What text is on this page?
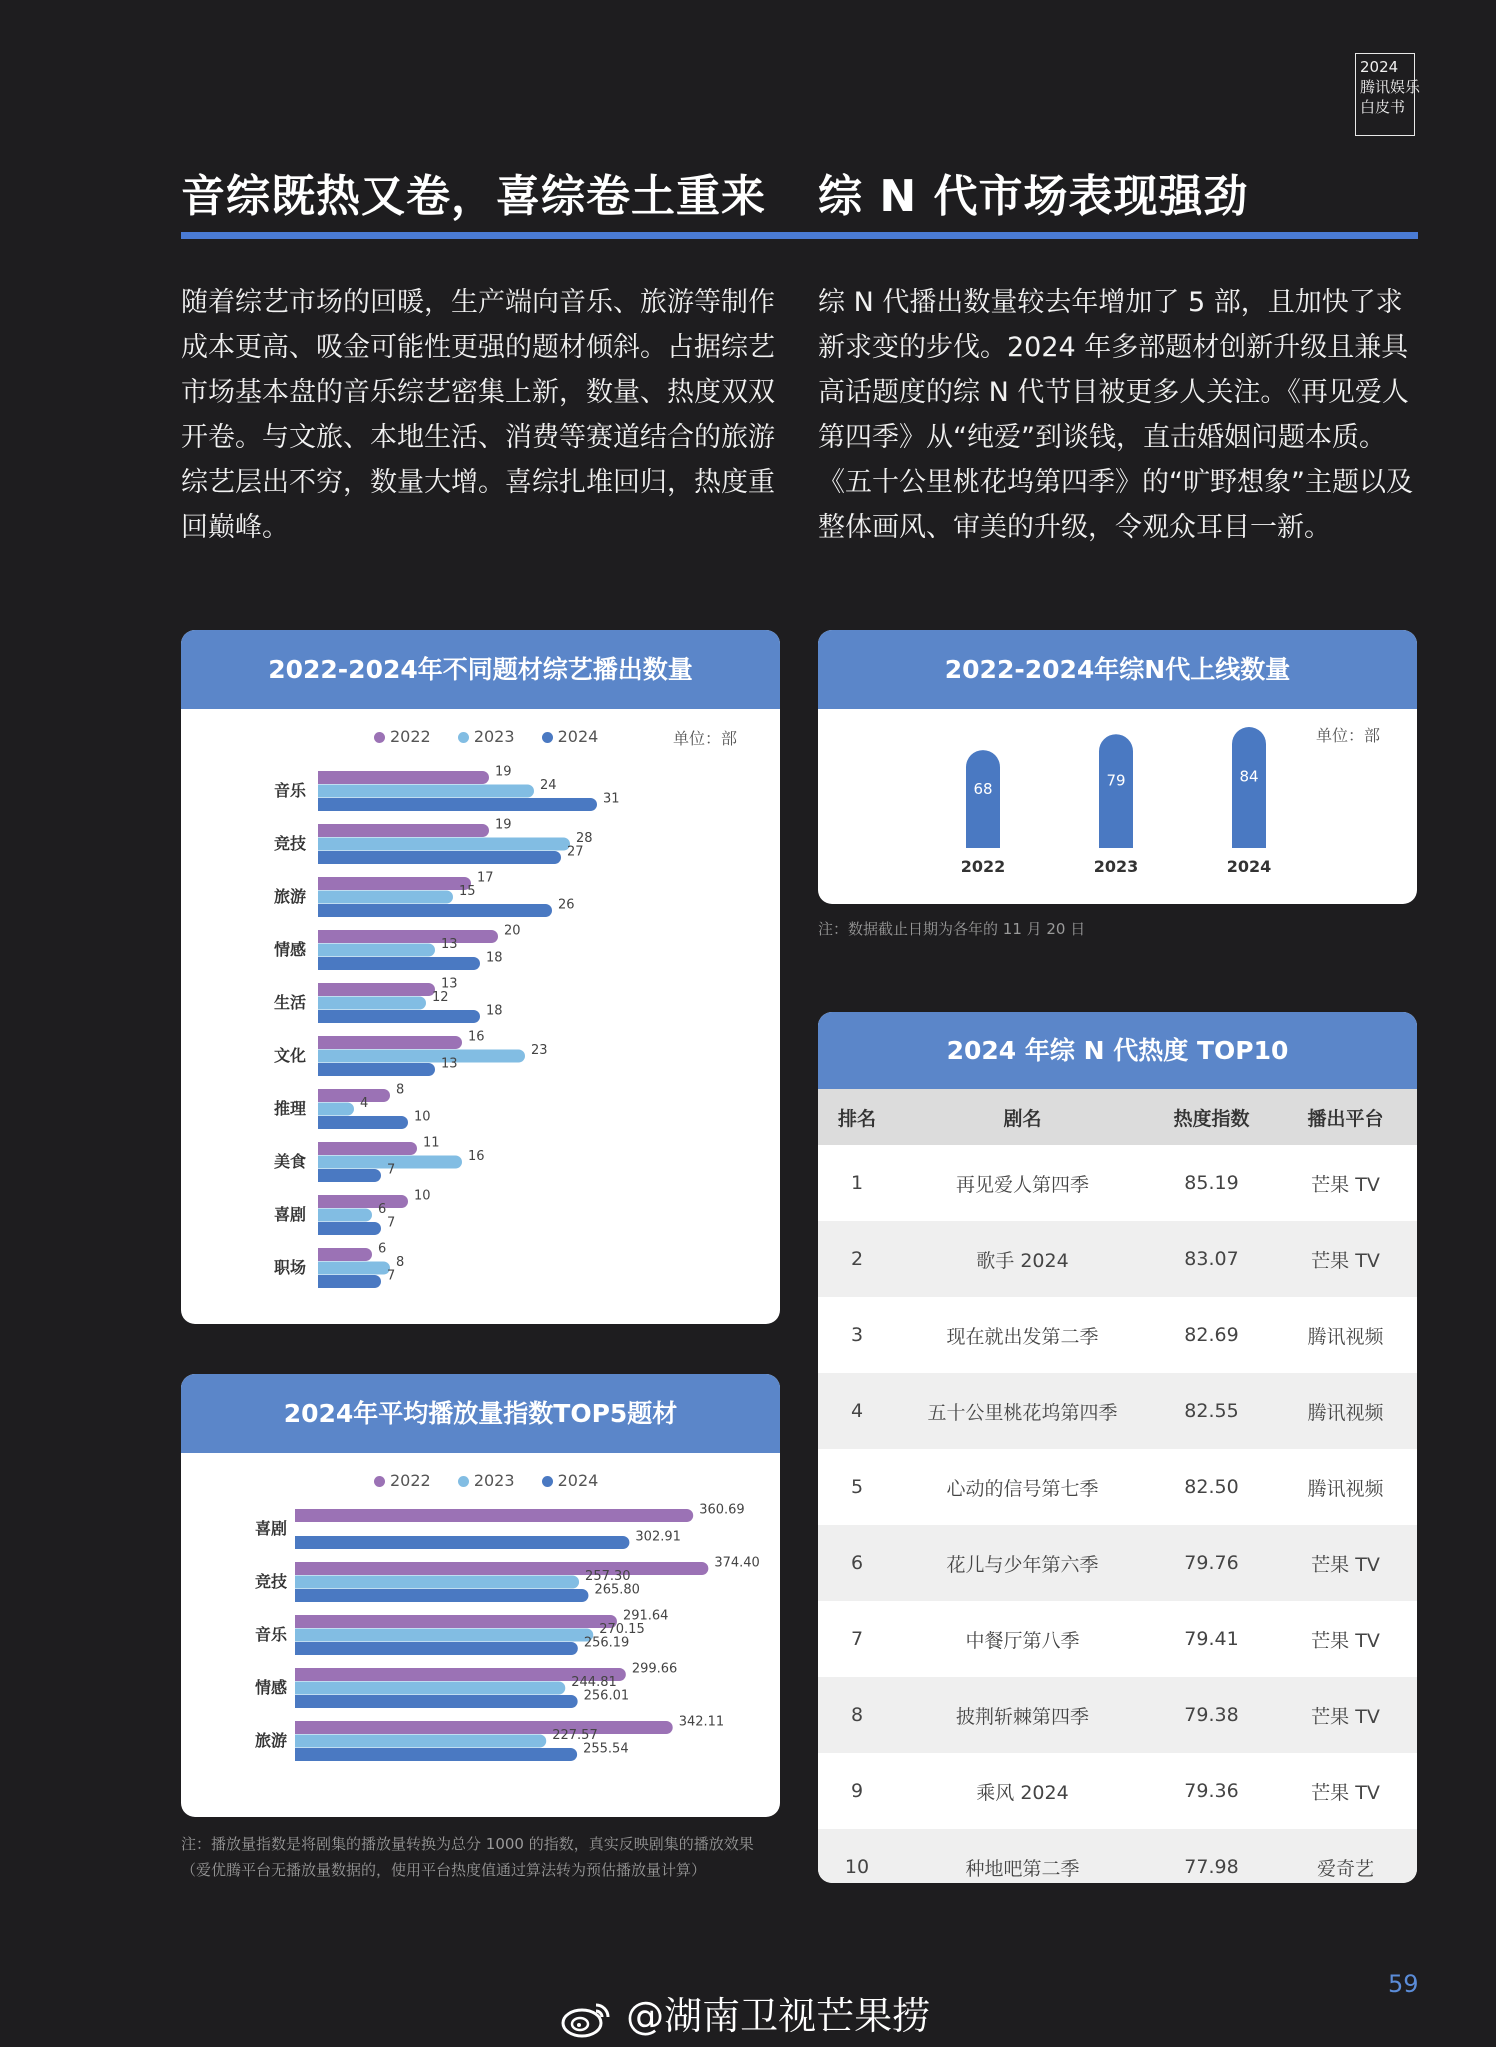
2024
腾讯娱乐
白皮书
音综既热又卷，喜综卷土重来 综 N 代市场表现强劲
随着综艺市场的回暖，生产端向音乐、旅游等制作成本更高、吸金可能性更强的题材倾斜。占据综艺市场基本盘的音乐综艺密集上新，数量、热度双双开卷。与文旅、本地生活、消费等赛道结合的旅游综艺层出不穷，数量大增。喜综扎堆回归，热度重回巅峰。
综 N 代播出数量较去年增加了 5 部，且加快了求新求变的步伐。2024 年多部题材创新升级且兼具高话题度的综 N 代节目被更多人关注。《再见爱人第四季》从“纯爱”到谈钱，直击婚姻问题本质。《五十公里桃花坞第四季》的“旷野想象”主题以及整体画风、审美的升级，令观众耳目一新。
2022-2024年不同题材综艺播出数量
2022	2023	2024	单位：部
音乐
19
24
31
竞技
19
28
27
旅游
17
15
26
情感
20
13
18
生活
13
12
18
文化
16
23
13
推理
8
4
10
美食
11
16
7
喜剧
10
6
7
职场
6
8
7
2024年平均播放量指数TOP5题材
2022	2023	2024
喜剧
360.69
302.91
竞技
374.40
257.30
265.80
音乐
291.64
270.15
256.19
情感
299.66
244.81
256.01
旅游
342.11
227.57
255.54
注：播放量指数是将剧集的播放量转换为总分 1000 的指数，真实反映剧集的播放效果（爱优腾平台无播放量数据的，使用平台热度值通过算法转为预估播放量计算）
2022-2024年综N代上线数量
单位：部
68
2022
79
2023
84
2024
注：数据截止日期为各年的 11 月 20 日
2024 年综 N 代热度 TOP10
排名	剧名	热度指数	播出平台
1	再见爱人第四季	85.19	芒果 TV
2	歌手 2024	83.07	芒果 TV
3	现在就出发第二季	82.69	腾讯视频
4	五十公里桃花坞第四季	82.55	腾讯视频
5	心动的信号第七季	82.50	腾讯视频
6	花儿与少年第六季	79.76	芒果 TV
7	中餐厅第八季	79.41	芒果 TV
8	披荆斩棘第四季	79.38	芒果 TV
9	乘风 2024	79.36	芒果 TV
10	种地吧第二季	77.98	爱奇艺
59
@湖南卫视芒果捞
